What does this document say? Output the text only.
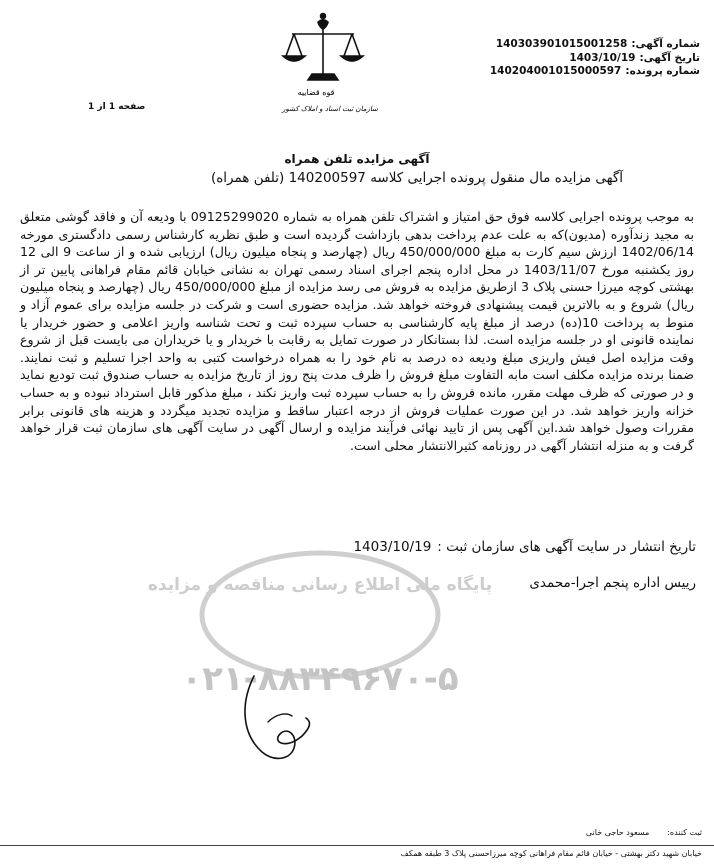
شماره آگهی:140303901015001258
تاریخ آگهی:1403/10/19
شماره پرونده:140204001015000597
قوه قضاییه
سازمان ثبت اسناد و املاک کشور
صفحه 1 از 1
آگهی مزایده تلفن همراه
آگهی مزایده مال منقول پرونده اجرایی کلاسه 140200597 (تلفن همراه)
به موجب پرونده اجرایی کلاسه فوق حق امتیاز و اشتراک تلفن همراه به شماره 09125299020 با ودیعه آن و فاقد گوشی متعلق به مجید زندآوره (مدیون)که به علت عدم پرداخت بدهی بازداشت گردیده است و طبق نظریه کارشناس رسمی دادگستری مورخه 1402/06/14 ارزش سیم کارت به مبلغ 450/000/000 ریال (چهارصد و پنجاه میلیون ریال) ارزیابی شده و از ساعت 9 الی 12 روز یکشنبه مورخ 1403/11/07 در محل اداره پنجم اجرای اسناد رسمی تهران به نشانی خیابان قائم مقام فراهانی پایین تر از بهشتی کوچه میرزا حسنی پلاک 3 ازطریق مزایده به فروش می رسد مزایده از مبلغ 450/000/000 ریال (چهارصد و پنجاه میلیون ریال) شروع و به بالاترین قیمت پیشنهادی فروخته خواهد شد. مزایده حضوری است و شرکت در جلسه مزایده برای عموم آزاد و منوط به پرداخت 10(ده) درصد از مبلغ پایه کارشناسی به حساب سپرده ثبت و تحت شناسه واریز اعلامی و حضور خریدار یا نماینده قانونی او در جلسه مزایده است. لذا بستانکار در صورت تمایل به رقابت با خریدار و یا خریداران می بایست قبل از شروع وقت مزایده اصل فیش واریزی مبلغ ودیعه ده درصد به نام خود را به همراه درخواست کتبی به واحد اجرا تسلیم و ثبت نمایند. ضمنا برنده مزایده مکلف است مابه التفاوت مبلغ فروش را ظرف مدت پنج روز از تاریخ مزایده به حساب صندوق ثبت تودیع نماید و در صورتی که ظرف مهلت مقرر، مانده فروش را به حساب سپرده ثبت واریز نکند ، مبلغ مذکور قابل استرداد نبوده و به حساب خزانه واریز خواهد شد. در این صورت عملیات فروش از درجه اعتبار ساقط و مزایده تجدید میگردد و هزینه های قانونی برابر مقررات وصول خواهد شد.این آگهی پس از تایید نهائی فرآیند مزایده و ارسال آگهی در سایت آگهی های سازمان ثبت قرار خواهد گرفت و به منزله انتشار آگهی در روزنامه کثیرالانتشار محلی است.
پایگاه ملی اطلاع رسانی مناقصه و مزایده
۰۲۱-۸۸۳۴۹۶۷۰-۵
تاریخ انتشار در سایت آگهی های سازمان ثبت :1403/10/19
رییس اداره پنجم اجرا-محمدی
ثبت کننده:مسعود حاجی خانی
خیابان شهید دکتر بهشتی - خیابان قائم مقام فراهانی کوچه میرزاحسنی پلاک 3 طبقه همکف
